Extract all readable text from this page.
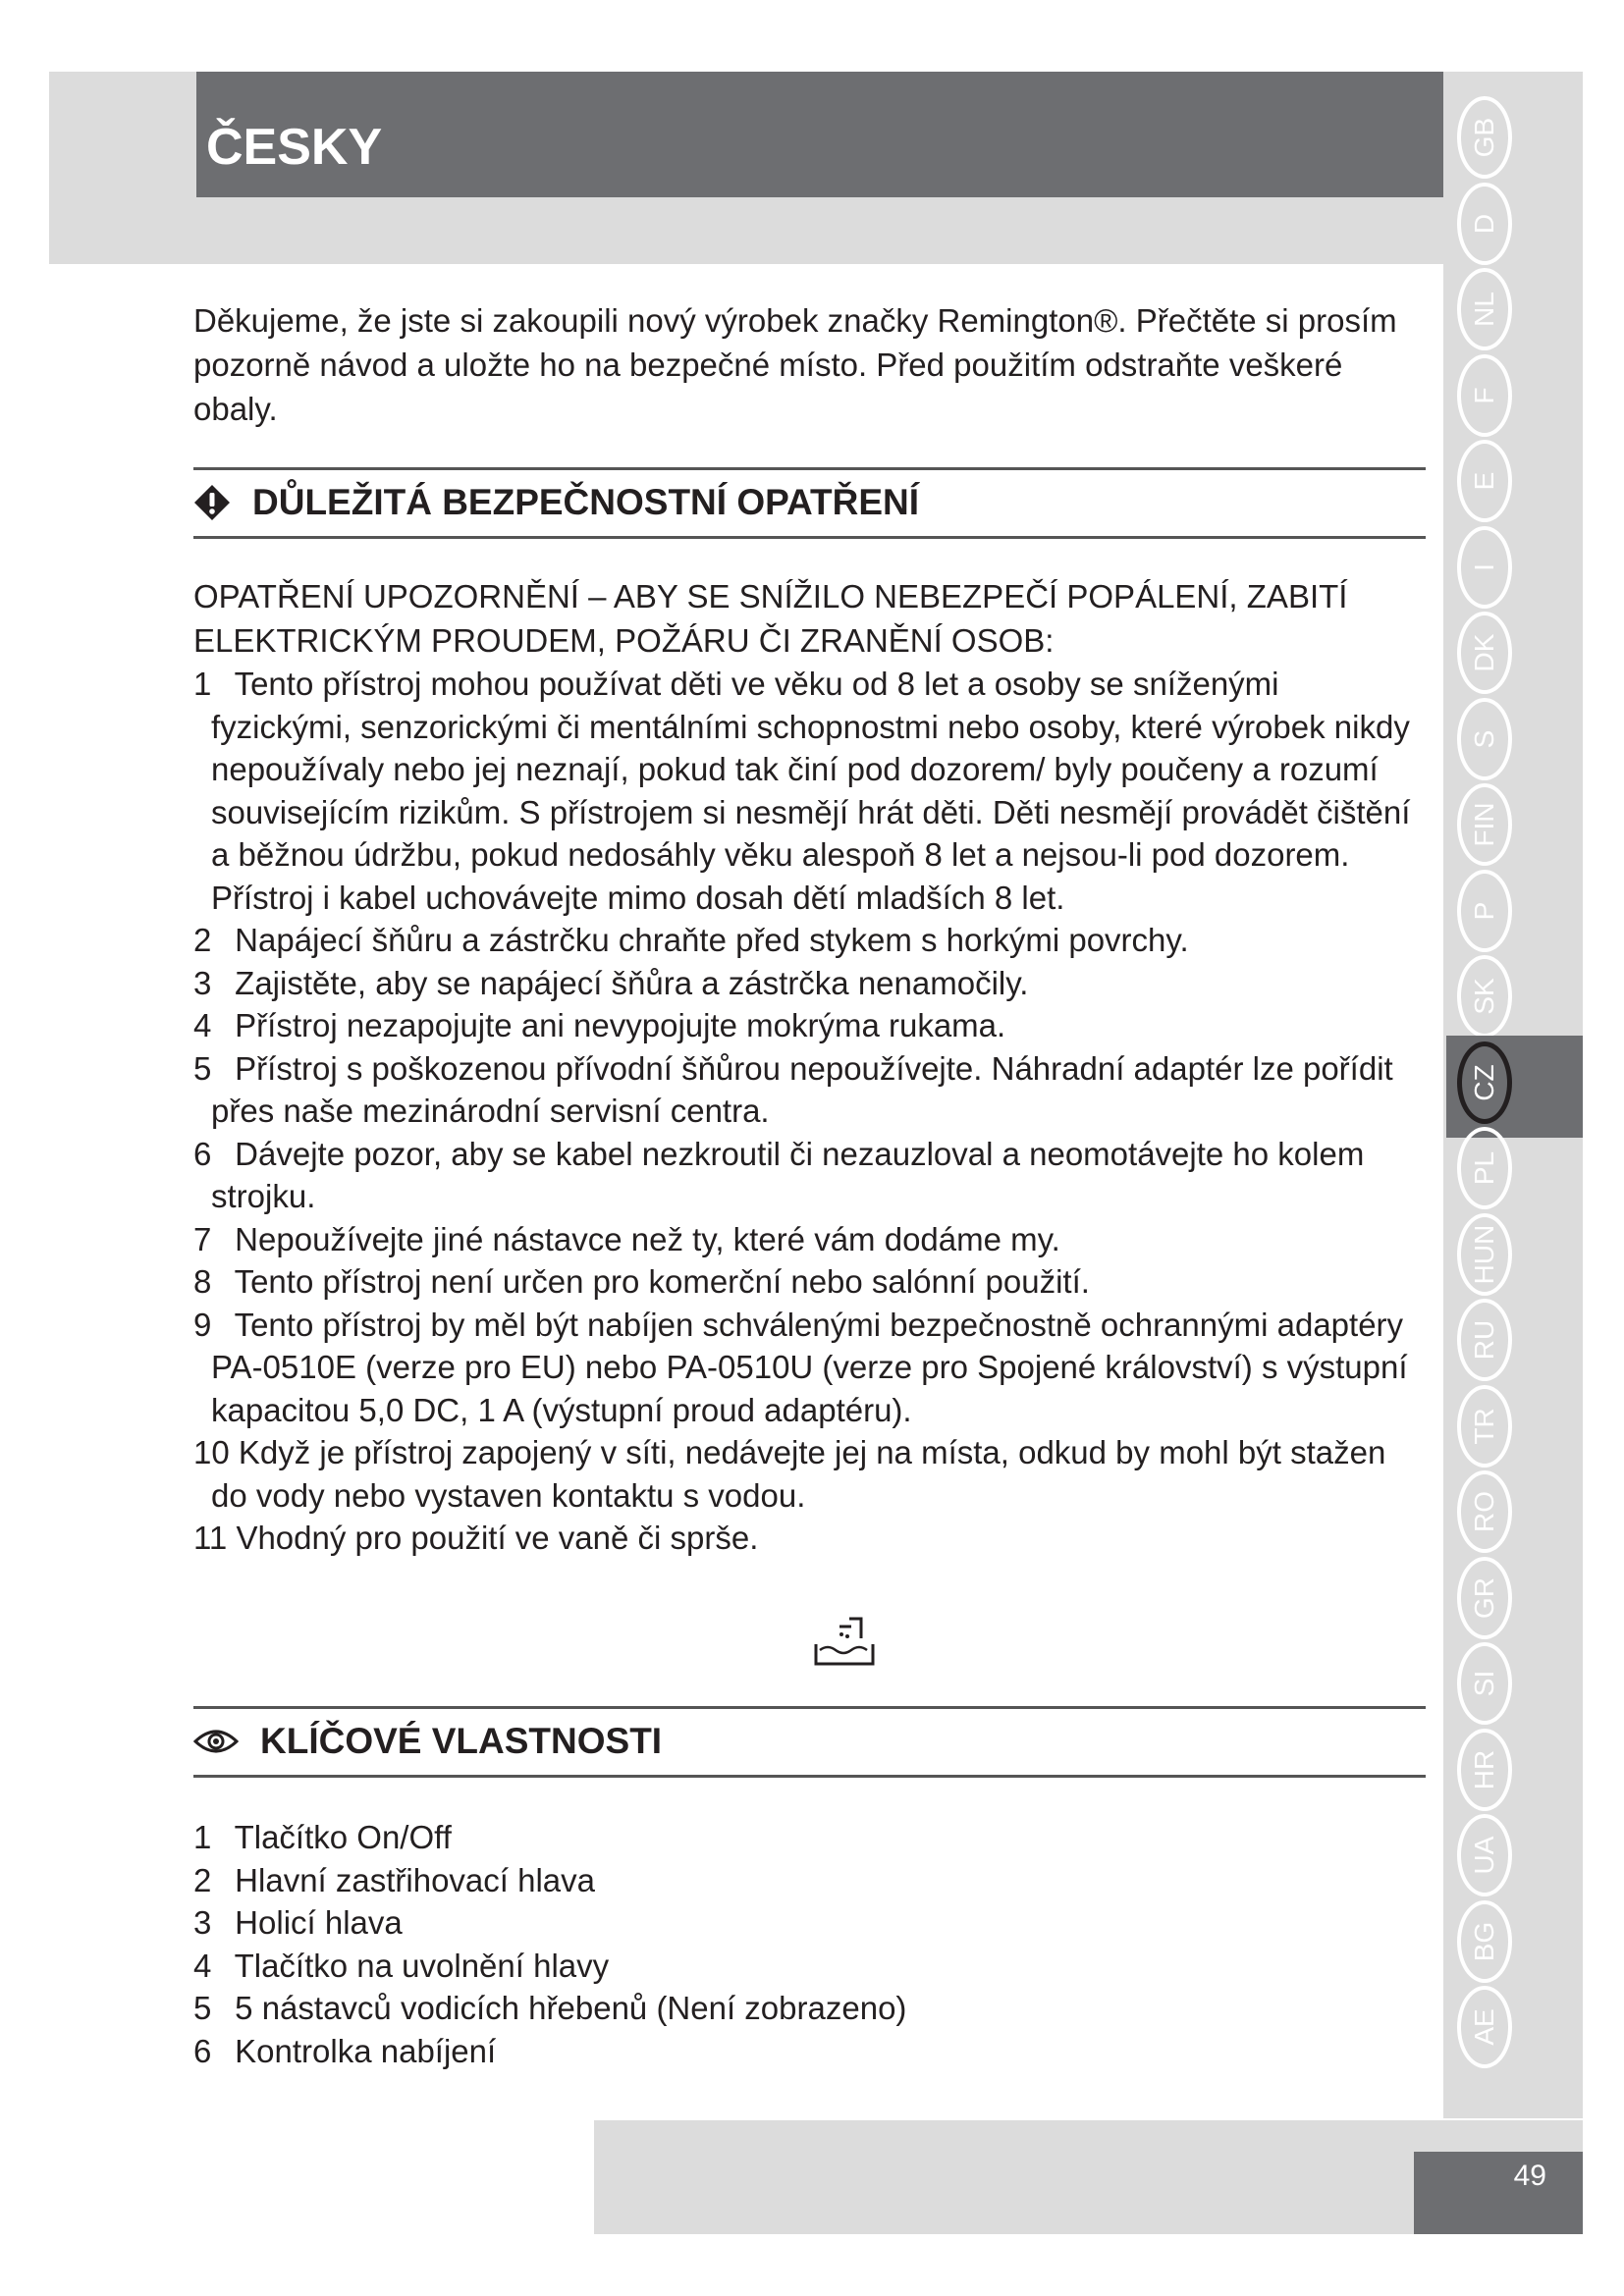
ČESKY
49
GB
D
NL
F
E
I
DK
S
FIN
P
SK
CZ
PL
HUN
RU
TR
RO
GR
SI
HR
UA
BG
AE
Děkujeme, že jste si zakoupili nový výrobek značky Remington®. Přečtěte si prosím pozorně návod a uložte ho na bezpečné místo. Před použitím odstraňte veškeré obaly.
DŮLEŽITÁ BEZPEČNOSTNÍ OPATŘENÍ
OPATŘENÍ UPOZORNĚNÍ – ABY SE SNÍŽILO NEBEZPEČÍ POPÁLENÍ, ZABITÍ ELEKTRICKÝM PROUDEM, POŽÁRU ČI ZRANĚNÍ OSOB:
1 Tento přístroj mohou používat děti ve věku od 8 let a osoby se sníženými fyzickými, senzorickými či mentálními schopnostmi nebo osoby, které výrobek nikdy nepoužívaly nebo jej neznají, pokud tak činí pod dozorem/ byly poučeny a rozumí souvisejícím rizikům. S přístrojem si nesmějí hrát děti. Děti nesmějí provádět čištění a běžnou údržbu, pokud nedosáhly věku alespoň 8 let a nejsou-li pod dozorem. Přístroj i kabel uchovávejte mimo dosah dětí mladších 8 let.
2 Napájecí šňůru a zástrčku chraňte před stykem s horkými povrchy.
3 Zajistěte, aby se napájecí šňůra a zástrčka nenamočily.
4 Přístroj nezapojujte ani nevypojujte mokrýma rukama.
5 Přístroj s poškozenou přívodní šňůrou nepoužívejte. Náhradní adaptér lze pořídit přes naše mezinárodní servisní centra.
6 Dávejte pozor, aby se kabel nezkroutil či nezauzloval a neomotávejte ho kolem strojku.
7 Nepoužívejte jiné nástavce než ty, které vám dodáme my.
8 Tento přístroj není určen pro komerční nebo salónní použití.
9 Tento přístroj by měl být nabíjen schválenými bezpečnostně ochrannými adaptéry PA-0510E (verze pro EU) nebo PA-0510U (verze pro Spojené království) s výstupní kapacitou 5,0 DC, 1 A (výstupní proud adaptéru).
10 Když je přístroj zapojený v síti, nedávejte jej na místa, odkud by mohl být stažen do vody nebo vystaven kontaktu s vodou.
11 Vhodný pro použití ve vaně či sprše.
KLÍČOVÉ VLASTNOSTI
1 Tlačítko On/Off
2 Hlavní zastřihovací hlava
3 Holicí hlava
4 Tlačítko na uvolnění hlavy
5 5 nástavců vodicích hřebenů (Není zobrazeno)
6 Kontrolka nabíjení
